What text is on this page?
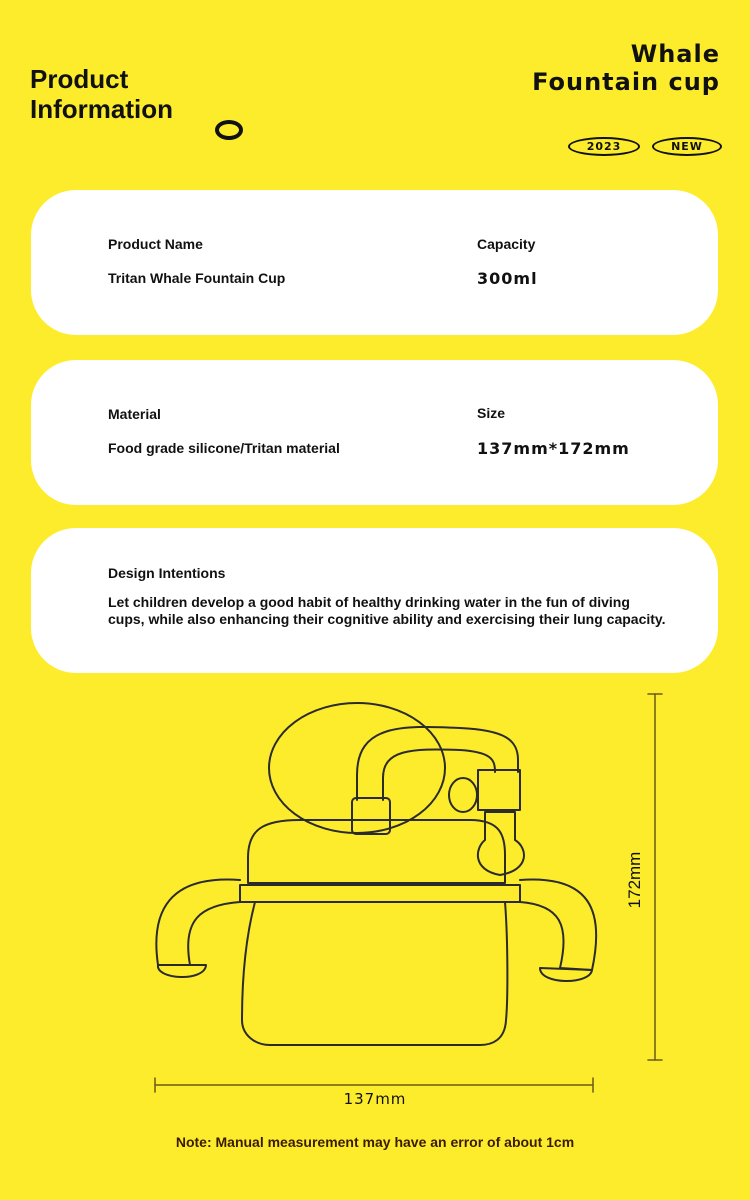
Product
Information
Whale
Fountain cup
2023	NEW
Product Name
Tritan Whale Fountain Cup
Capacity
300ml
Material
Food grade silicone/Tritan material
Size
137mm*172mm
Design Intentions
Let children develop a good habit of healthy drinking water in the fun of diving cups, while also enhancing their cognitive ability and exercising their lung capacity.
137mm
172mm
Note: Manual measurement may have an error of about 1cm
